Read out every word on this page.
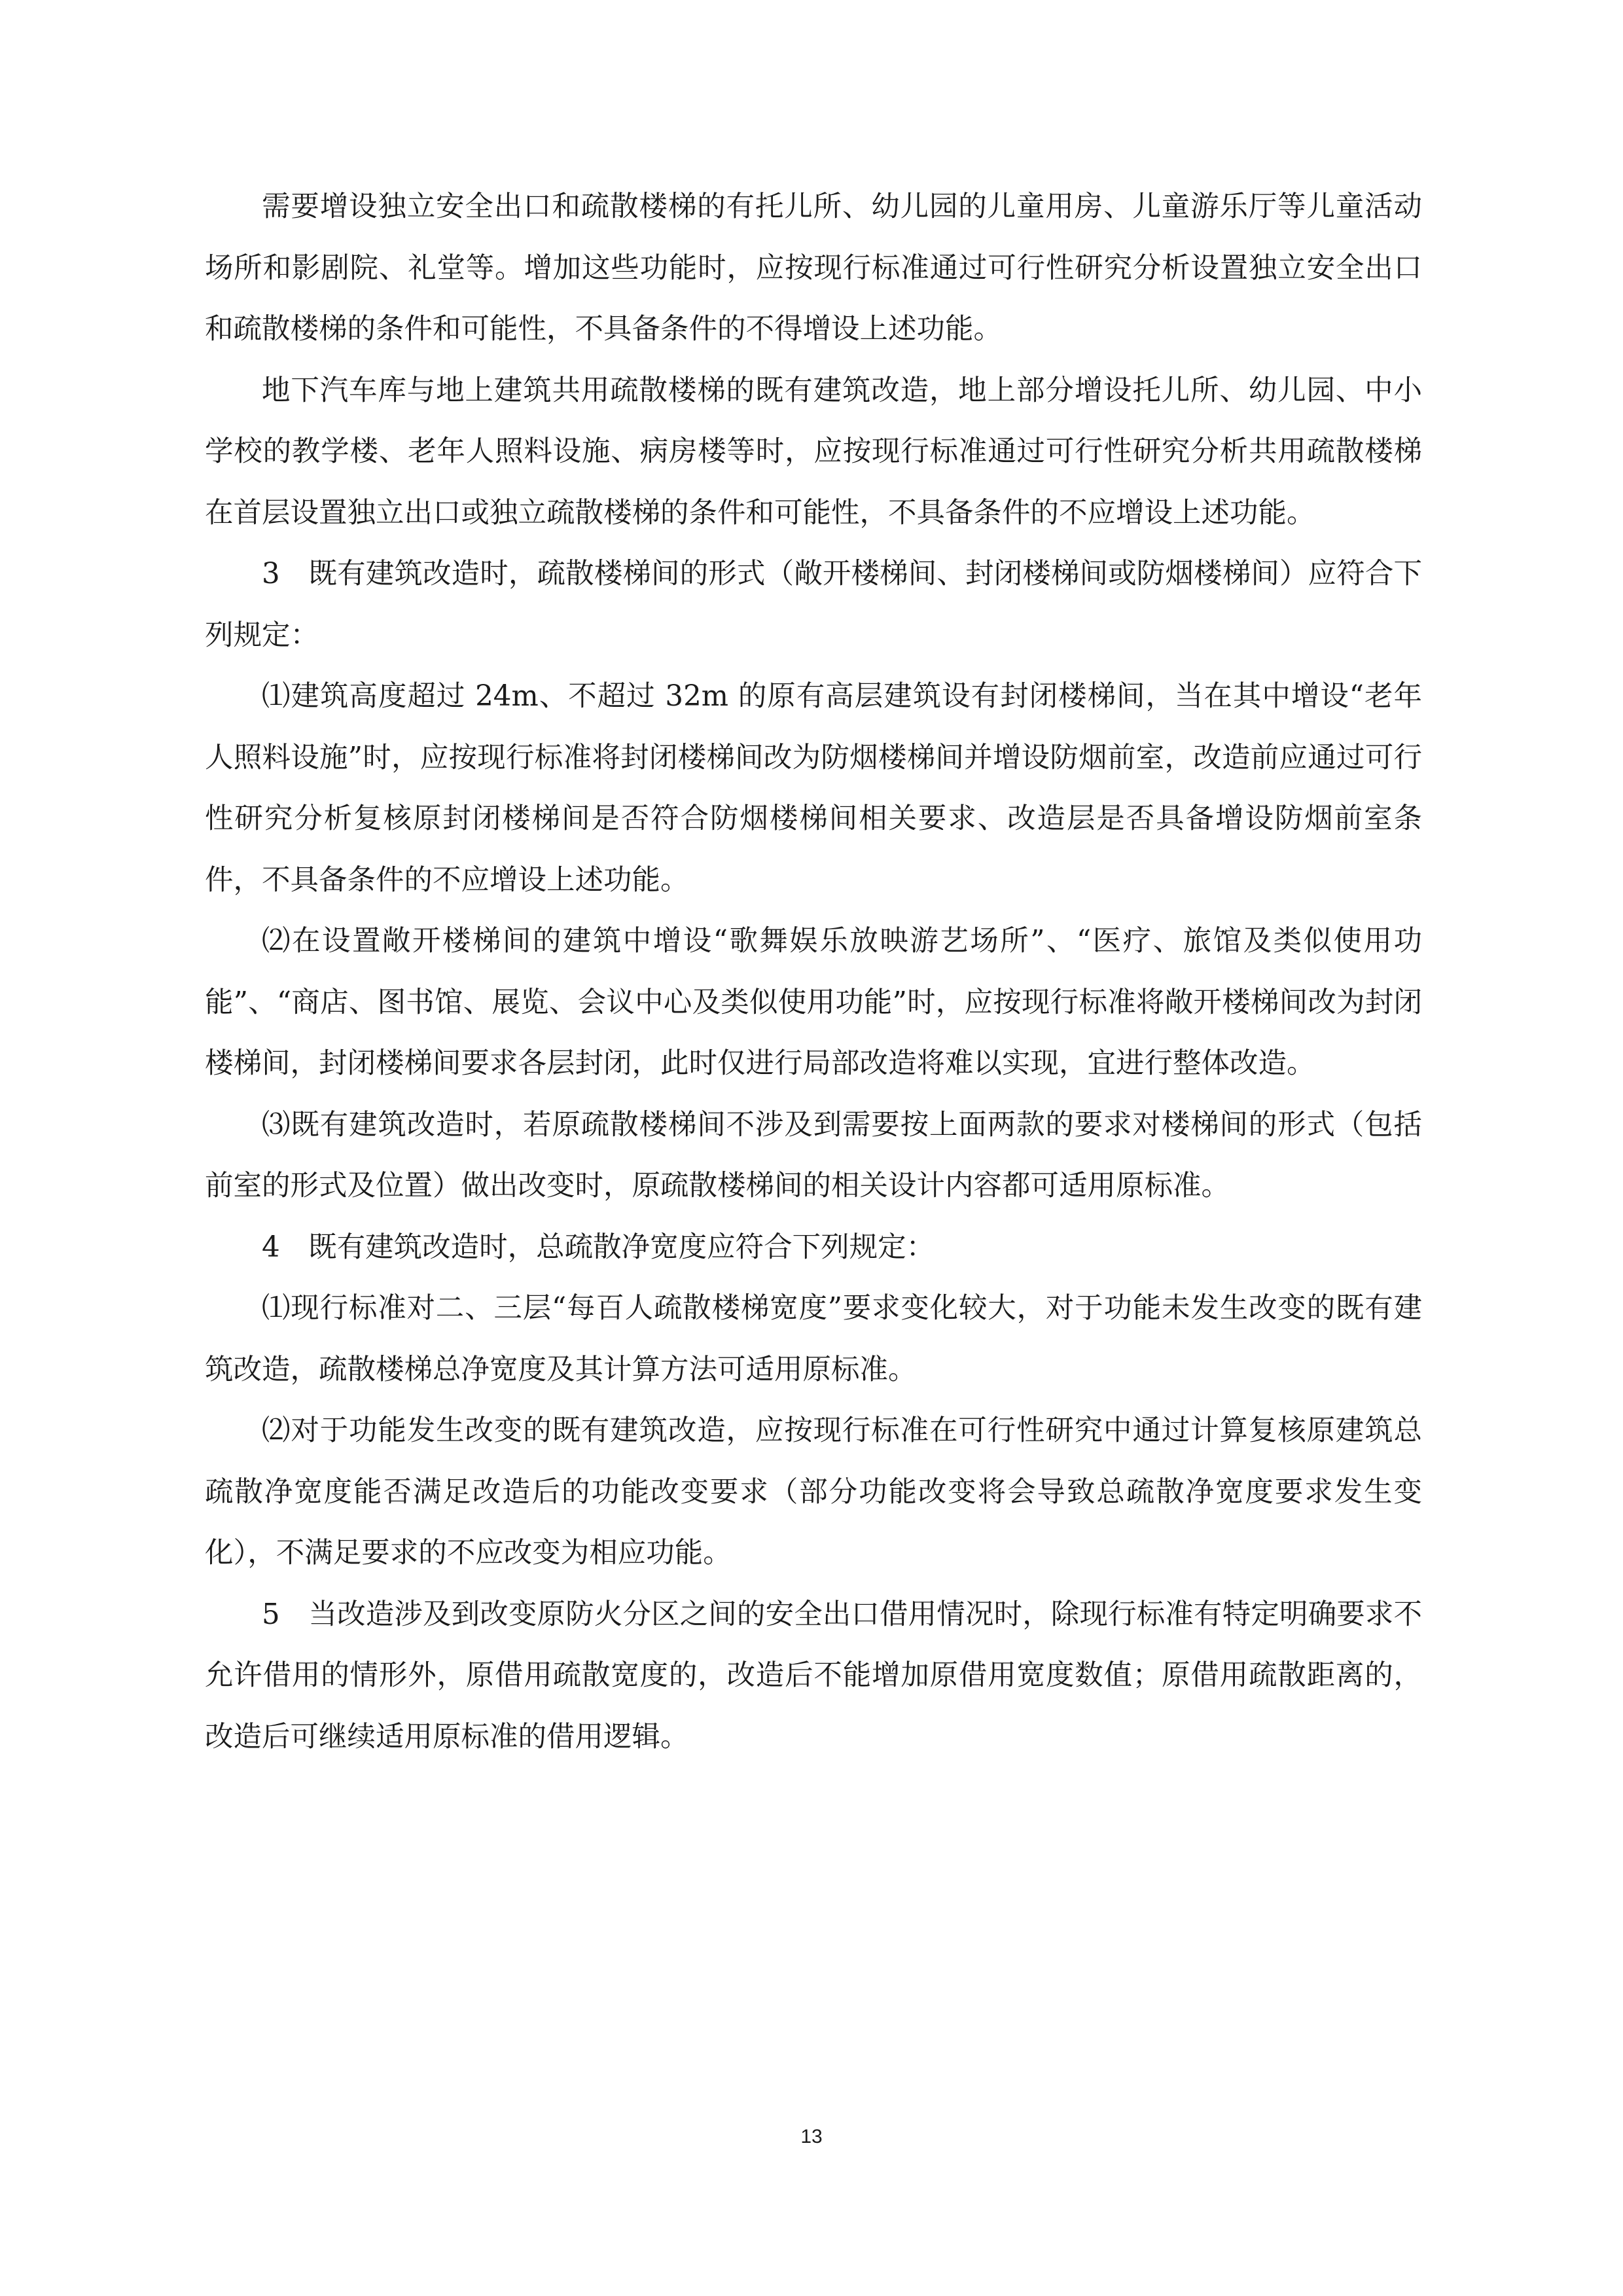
需要增设独立安全出口和疏散楼梯的有托儿所、幼儿园的儿童用房、儿童游乐厅等儿童活动场所和影剧院、礼堂等。增加这些功能时，应按现行标准通过可行性研究分析设置独立安全出口和疏散楼梯的条件和可能性，不具备条件的不得增设上述功能。

地下汽车库与地上建筑共用疏散楼梯的既有建筑改造，地上部分增设托儿所、幼儿园、中小学校的教学楼、老年人照料设施、病房楼等时，应按现行标准通过可行性研究分析共用疏散楼梯在首层设置独立出口或独立疏散楼梯的条件和可能性，不具备条件的不应增设上述功能。

3　既有建筑改造时，疏散楼梯间的形式（敞开楼梯间、封闭楼梯间或防烟楼梯间）应符合下列规定：

⑴建筑高度超过 24m、不超过 32m 的原有高层建筑设有封闭楼梯间，当在其中增设“老年人照料设施”时，应按现行标准将封闭楼梯间改为防烟楼梯间并增设防烟前室，改造前应通过可行性研究分析复核原封闭楼梯间是否符合防烟楼梯间相关要求、改造层是否具备增设防烟前室条件，不具备条件的不应增设上述功能。

⑵在设置敞开楼梯间的建筑中增设“歌舞娱乐放映游艺场所”、“医疗、旅馆及类似使用功能”、“商店、图书馆、展览、会议中心及类似使用功能”时，应按现行标准将敞开楼梯间改为封闭楼梯间，封闭楼梯间要求各层封闭，此时仅进行局部改造将难以实现，宜进行整体改造。

⑶既有建筑改造时，若原疏散楼梯间不涉及到需要按上面两款的要求对楼梯间的形式（包括前室的形式及位置）做出改变时，原疏散楼梯间的相关设计内容都可适用原标准。

4　既有建筑改造时，总疏散净宽度应符合下列规定：

⑴现行标准对二、三层“每百人疏散楼梯宽度”要求变化较大，对于功能未发生改变的既有建筑改造，疏散楼梯总净宽度及其计算方法可适用原标准。

⑵对于功能发生改变的既有建筑改造，应按现行标准在可行性研究中通过计算复核原建筑总疏散净宽度能否满足改造后的功能改变要求（部分功能改变将会导致总疏散净宽度要求发生变化），不满足要求的不应改变为相应功能。

5　当改造涉及到改变原防火分区之间的安全出口借用情况时，除现行标准有特定明确要求不允许借用的情形外，原借用疏散宽度的，改造后不能增加原借用宽度数值；原借用疏散距离的，改造后可继续适用原标准的借用逻辑。

13
